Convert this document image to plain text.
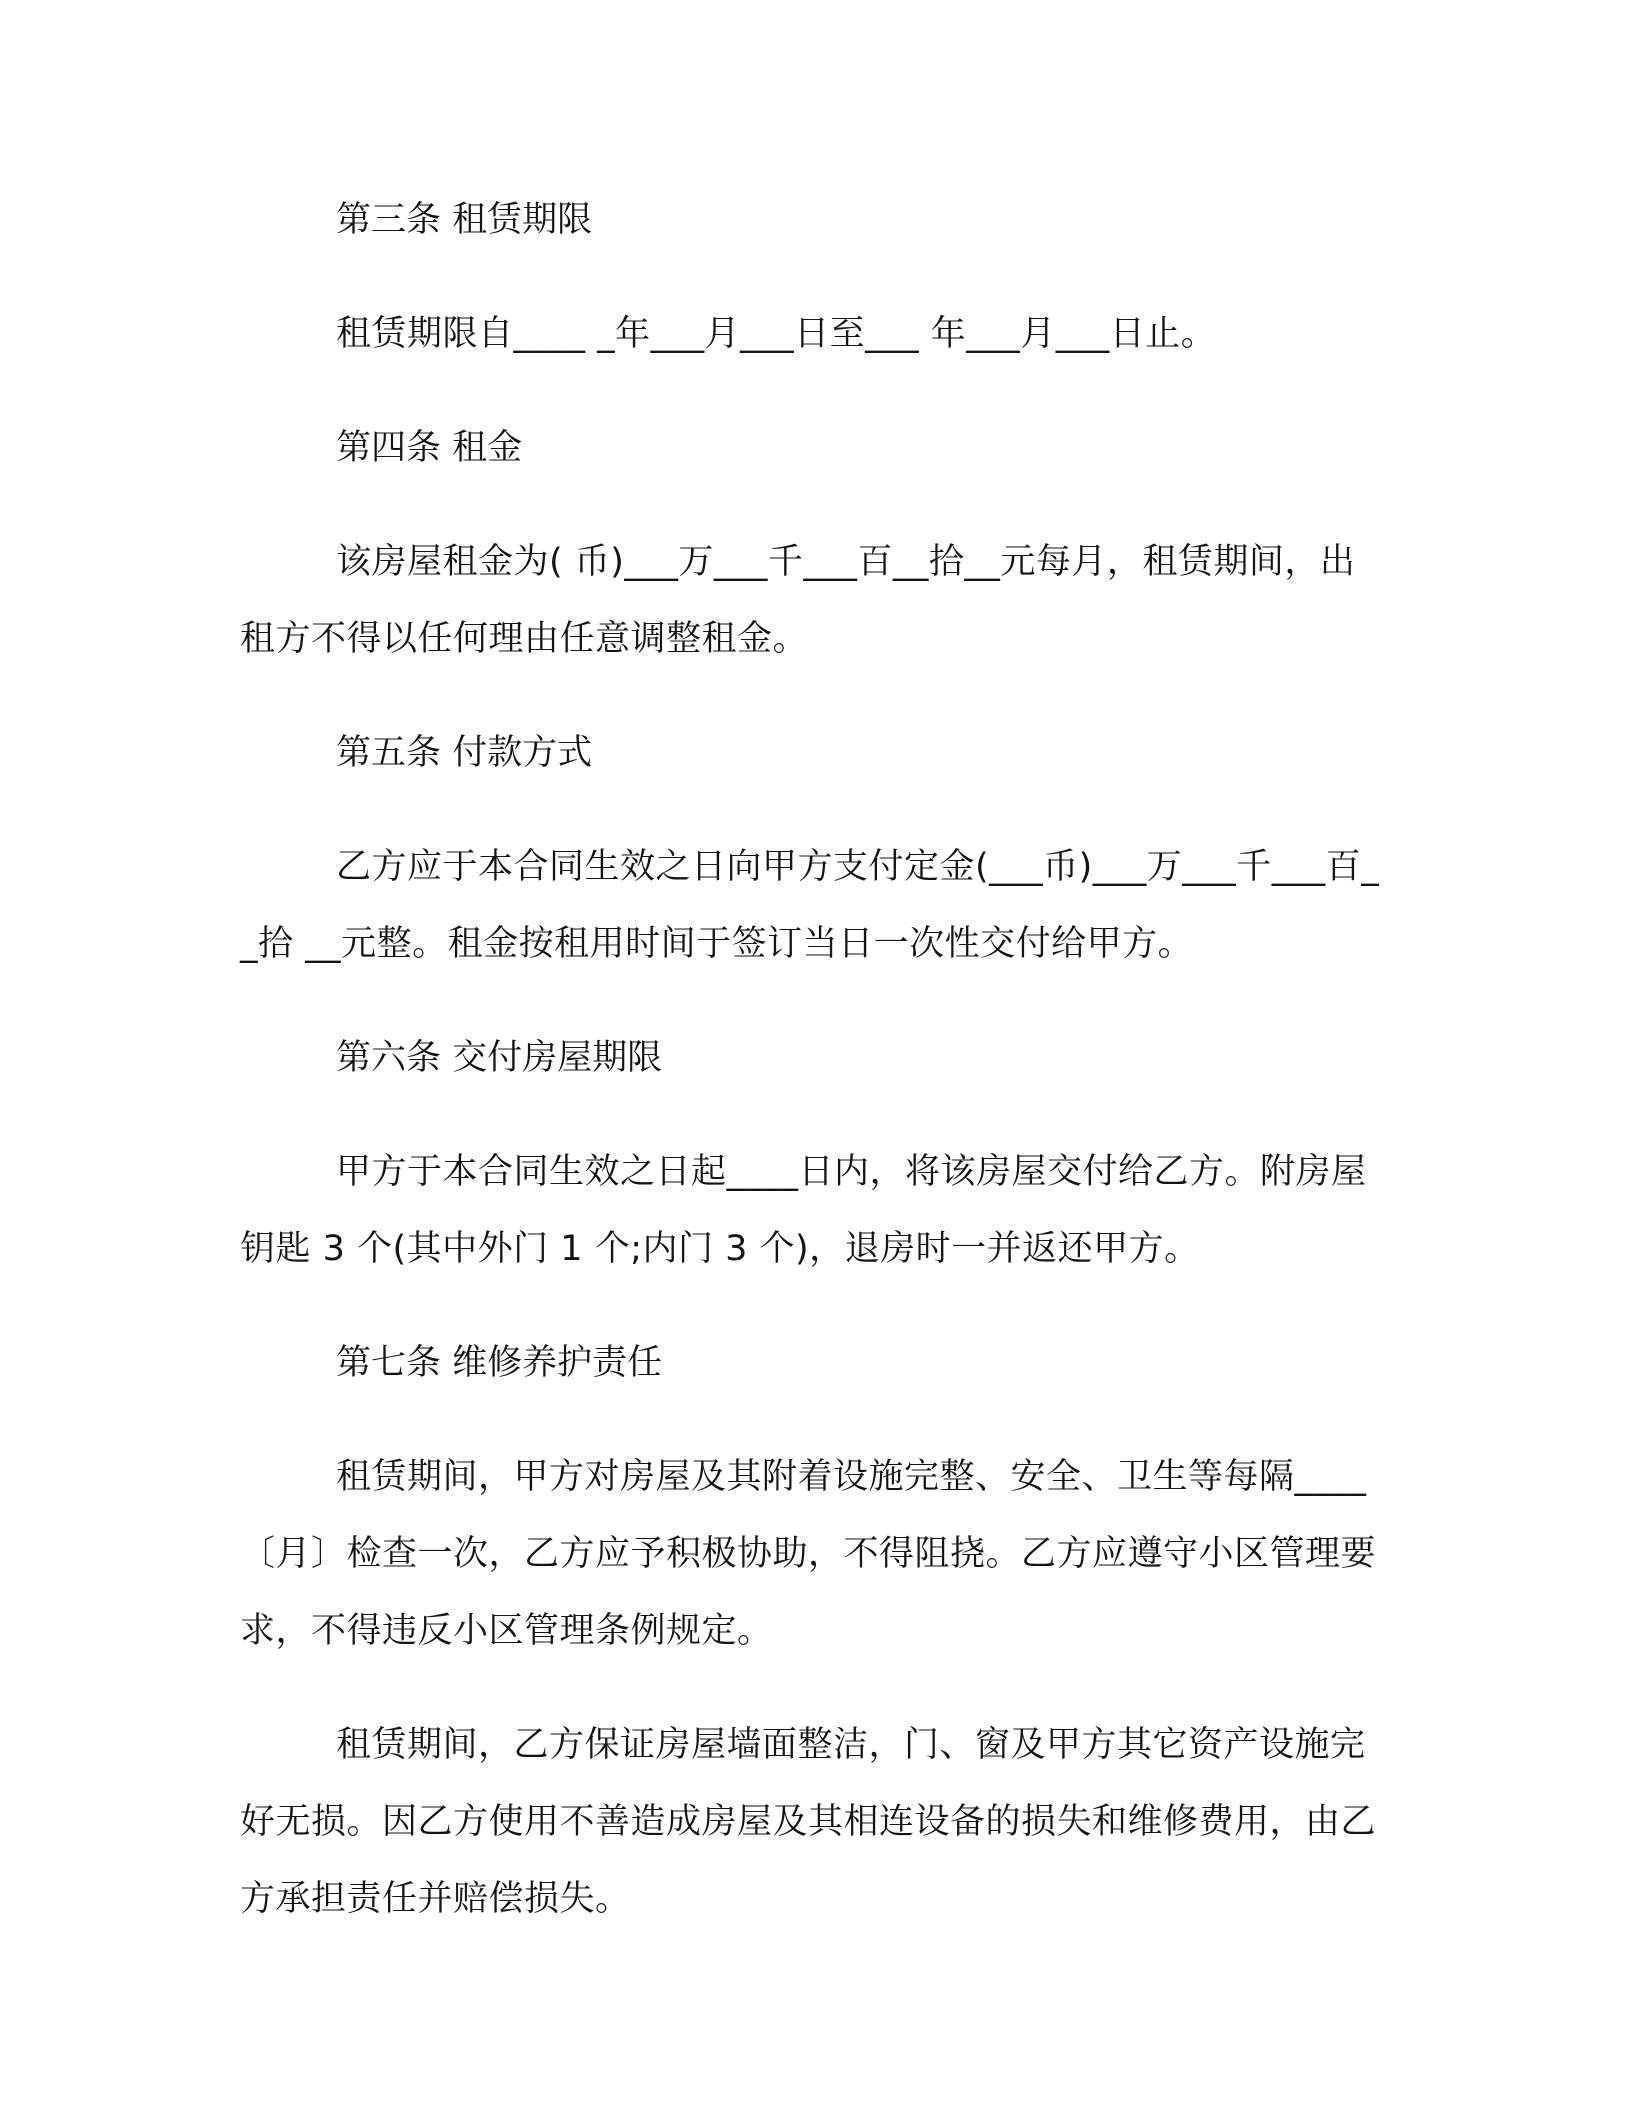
第三条 租赁期限

租赁期限自____ _年___月___日至___ 年___月___日止。

第四条 租金

该房屋租金为( 币)___万___千___百__拾__元每月，租赁期间，出租方不得以任何理由任意调整租金。

第五条 付款方式

乙方应于本合同生效之日向甲方支付定金(___币)___万___千___百__拾 __元整。租金按租用时间于签订当日一次性交付给甲方。

第六条 交付房屋期限

甲方于本合同生效之日起____日内，将该房屋交付给乙方。附房屋钥匙 3 个(其中外门 1 个;内门 3 个)，退房时一并返还甲方。

第七条 维修养护责任

租赁期间，甲方对房屋及其附着设施完整、安全、卫生等每隔____〔月〕检查一次，乙方应予积极协助，不得阻挠。乙方应遵守小区管理要求，不得违反小区管理条例规定。

租赁期间，乙方保证房屋墙面整洁，门、窗及甲方其它资产设施完好无损。因乙方使用不善造成房屋及其相连设备的损失和维修费用，由乙方承担责任并赔偿损失。
